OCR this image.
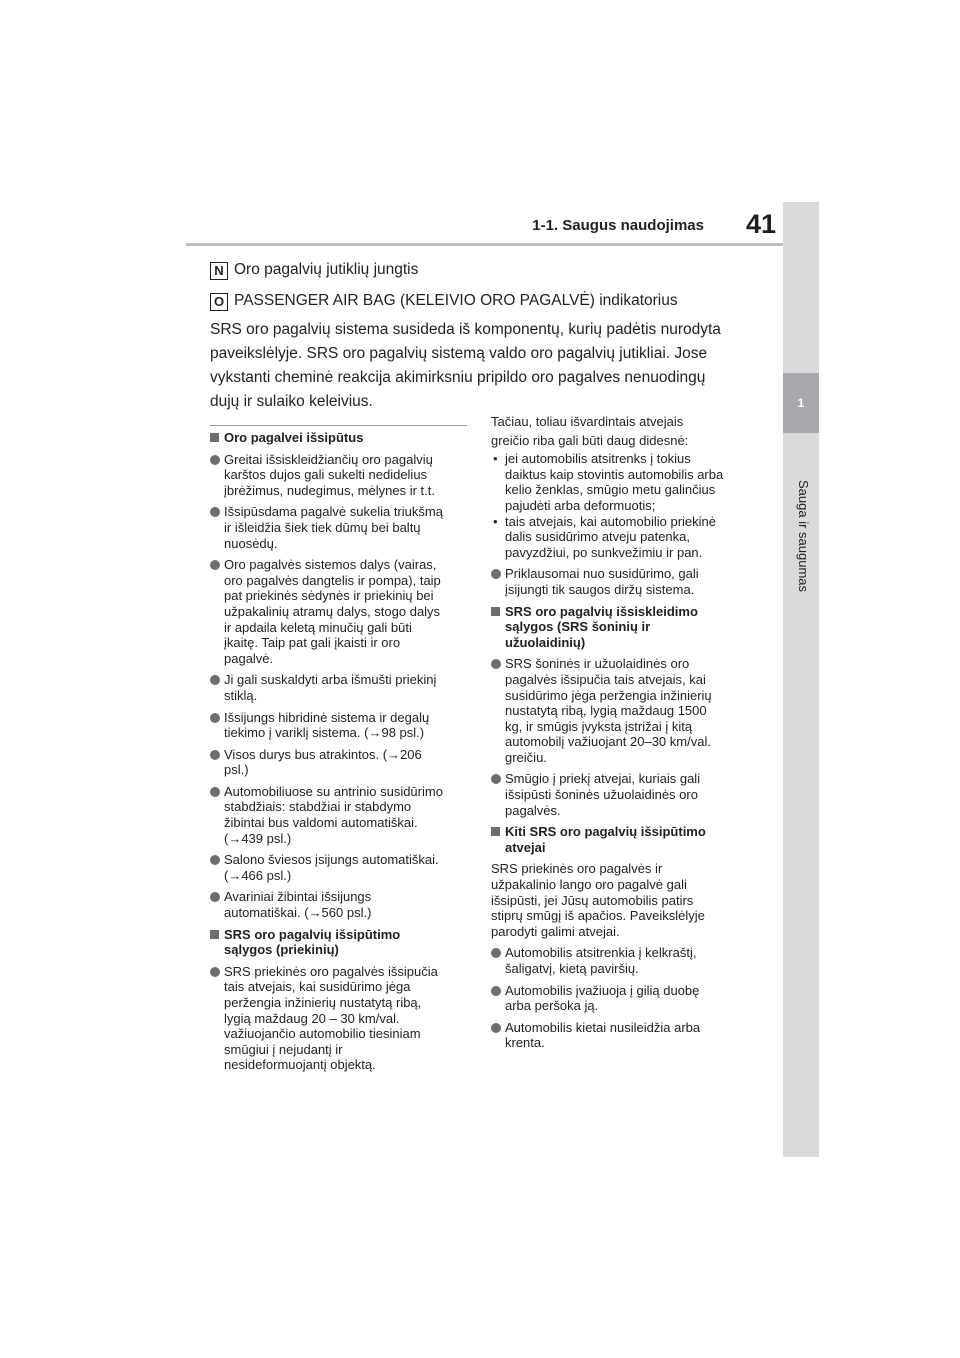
1-1. Saugus naudojimas	41
1
Sauga ir saugumas
N Oro pagalvių jutiklių jungtis
O PASSENGER AIR BAG (KELEIVIO ORO PAGALVĖ) indikatorius

SRS oro pagalvių sistema susideda iš komponentų, kurių padėtis nurodyta

paveikslėlyje. SRS oro pagalvių sistemą valdo oro pagalvių jutikliai. Jose

vykstanti cheminė reakcija akimirksniu pripildo oro pagalves nenuodingų

dujų ir sulaiko keleivius.

Oro pagalvei išsipūtus
Greitai išsiskleidžiančių oro pagalvių
karštos dujos gali sukelti nedidelius
įbrėžimus, nudegimus, mėlynes ir t.t.
Išsipūsdama pagalvė sukelia triukšmą
ir išleidžia šiek tiek dūmų bei baltų
nuosėdų.
Oro pagalvės sistemos dalys (vairas,
oro pagalvės dangtelis ir pompa), taip
pat priekinės sėdynės ir priekinių bei
užpakalinių atramų dalys, stogo dalys
ir apdaila keletą minučių gali būti
įkaitę. Taip pat gali įkaisti ir oro
pagalvė.
Ji gali suskaldyti arba išmušti priekinį
stiklą.
Išsijungs hibridinė sistema ir degalų
tiekimo į variklį sistema. (→98 psl.)
Visos durys bus atrakintos. (→206
psl.)
Automobiliuose su antrinio susidūrimo
stabdžiais: stabdžiai ir stabdymo
žibintai bus valdomi automatiškai.
(→439 psl.)
Salono šviesos įsijungs automatiškai.
(→466 psl.)
Avariniai žibintai išsijungs
automatiškai. (→560 psl.)
SRS oro pagalvių išsipūtimo
sąlygos (priekinių)
SRS priekinės oro pagalvės išsipučia
tais atvejais, kai susidūrimo jėga
peržengia inžinierių nustatytą ribą,
lygią maždaug 20 – 30 km/val.
važiuojančio automobilio tiesiniam
smūgiui į nejudantį ir
nesideformuojantį objektą.
Tačiau, toliau išvardintais atvejais
greičio riba gali būti daug didesnė:
• jei automobilis atsitrenks į tokius
daiktus kaip stovintis automobilis arba
kelio ženklas, smūgio metu galinčius
pajudėti arba deformuotis;
• tais atvejais, kai automobilio priekinė
dalis susidūrimo atveju patenka,
pavyzdžiui, po sunkvežimiu ir pan.
Priklausomai nuo susidūrimo, gali
įsijungti tik saugos diržų sistema.
SRS oro pagalvių išsiskleidimo
sąlygos (SRS šoninių ir
užuolaidinių)
SRS šoninės ir užuolaidinės oro
pagalvės išsipučia tais atvejais, kai
susidūrimo jėga peržengia inžinierių
nustatytą ribą, lygią maždaug 1500
kg, ir smūgis įvyksta įstrižai į kitą
automobilį važiuojant 20–30 km/val.
greičiu.
Smūgio į priekį atvejai, kuriais gali
išsipūsti šoninės užuolaidinės oro
pagalvės.
Kiti SRS oro pagalvių išsipūtimo
atvejai
SRS priekinės oro pagalvės ir
užpakalinio lango oro pagalvė gali
išsipūsti, jei Jūsų automobilis patirs
stiprų smūgį iš apačios. Paveikslėlyje
parodyti galimi atvejai.
Automobilis atsitrenkia į kelkraštį,
šaligatvį, kietą paviršių.
Automobilis įvažiuoja į gilią duobę
arba peršoka ją.
Automobilis kietai nusileidžia arba
krenta.
